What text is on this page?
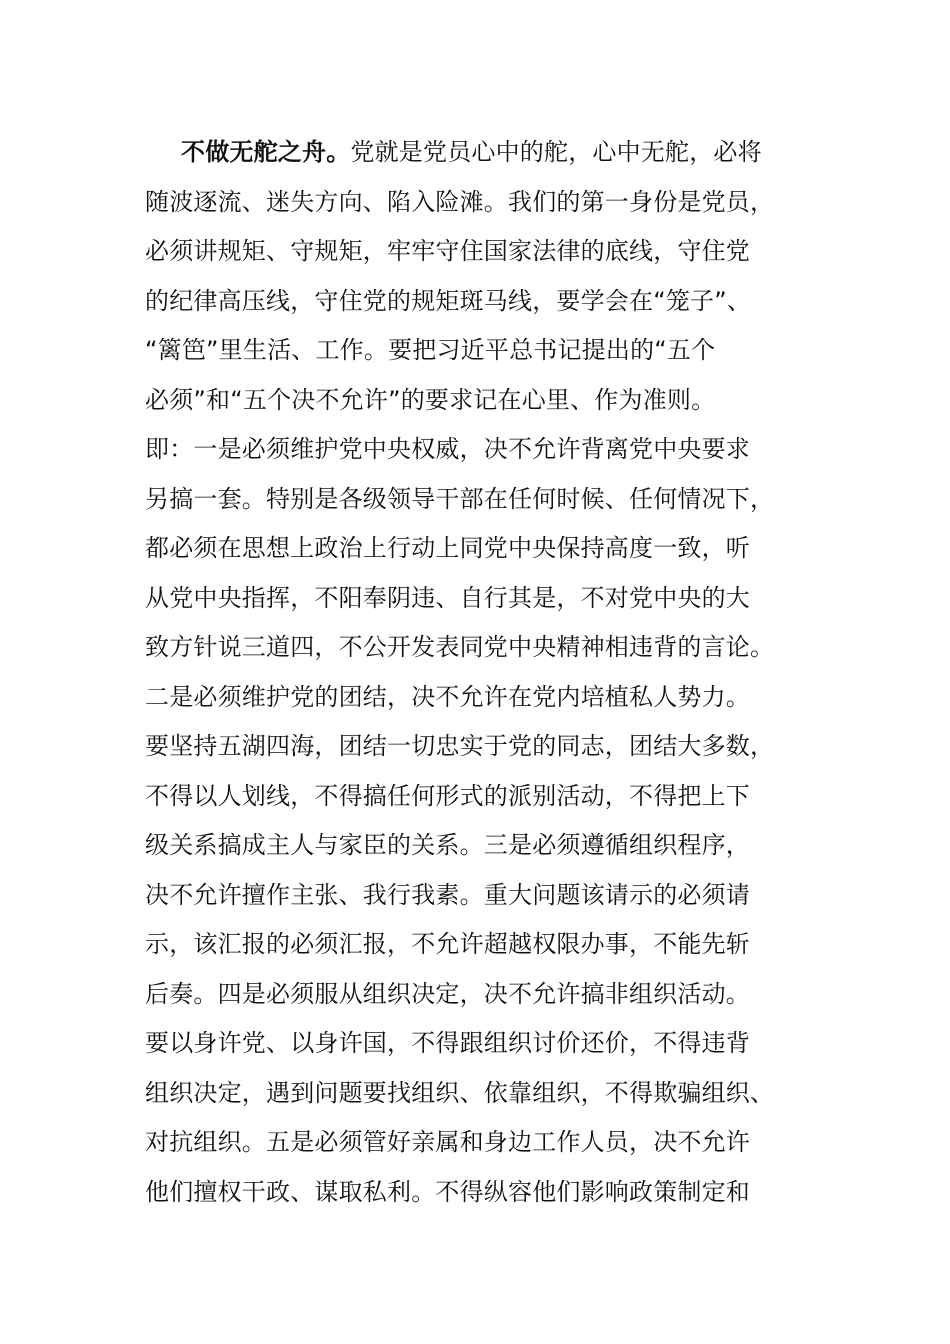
不做无舵之舟。党就是党员心中的舵，心中无舵，必将
随波逐流、迷失方向、陷入险滩。我们的第一身份是党员，
必须讲规矩、守规矩，牢牢守住国家法律的底线，守住党
的纪律高压线，守住党的规矩斑马线，要学会在“笼子”、
“篱笆”里生活、工作。要把习近平总书记提出的“五个
必须”和“五个决不允许”的要求记在心里、作为准则。
即：一是必须维护党中央权威，决不允许背离党中央要求
另搞一套。特别是各级领导干部在任何时候、任何情况下，
都必须在思想上政治上行动上同党中央保持高度一致，听
从党中央指挥，不阳奉阴违、自行其是，不对党中央的大
致方针说三道四，不公开发表同党中央精神相违背的言论。
二是必须维护党的团结，决不允许在党内培植私人势力。
要坚持五湖四海，团结一切忠实于党的同志，团结大多数，
不得以人划线，不得搞任何形式的派别活动，不得把上下
级关系搞成主人与家臣的关系。三是必须遵循组织程序，
决不允许擅作主张、我行我素。重大问题该请示的必须请
示，该汇报的必须汇报，不允许超越权限办事，不能先斩
后奏。四是必须服从组织决定，决不允许搞非组织活动。
要以身许党、以身许国，不得跟组织讨价还价，不得违背
组织决定，遇到问题要找组织、依靠组织，不得欺骗组织、
对抗组织。五是必须管好亲属和身边工作人员，决不允许
他们擅权干政、谋取私利。不得纵容他们影响政策制定和
